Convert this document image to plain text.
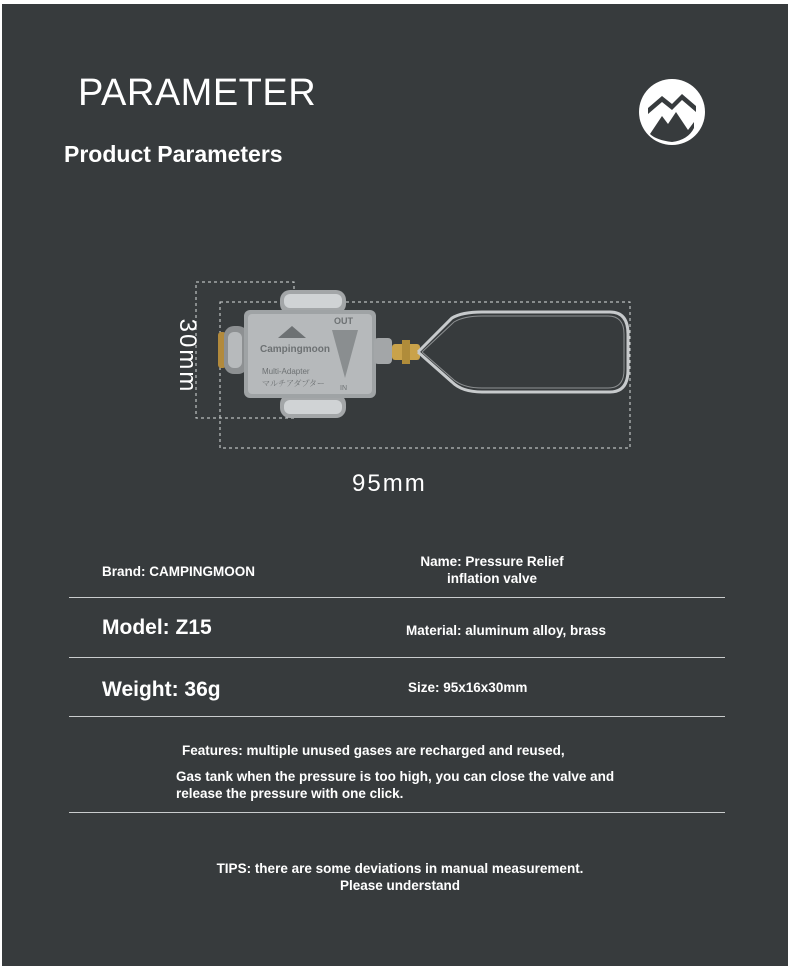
PARAMETER
Product Parameters
Campingmoon
Multi-Adapter
マルチアダプター
OUT
IN
30mm
95mm
Brand: CAMPINGMOON
Name: Pressure Relief
inflation valve
Model: Z15	Material: aluminum alloy, brass
Weight: 36g	Size: 95x16x30mm
Features: multiple unused gases are recharged and reused,
Gas tank when the pressure is too high, you can close the valve and
release the pressure with one click.
TIPS: there are some deviations in manual measurement.
Please understand
